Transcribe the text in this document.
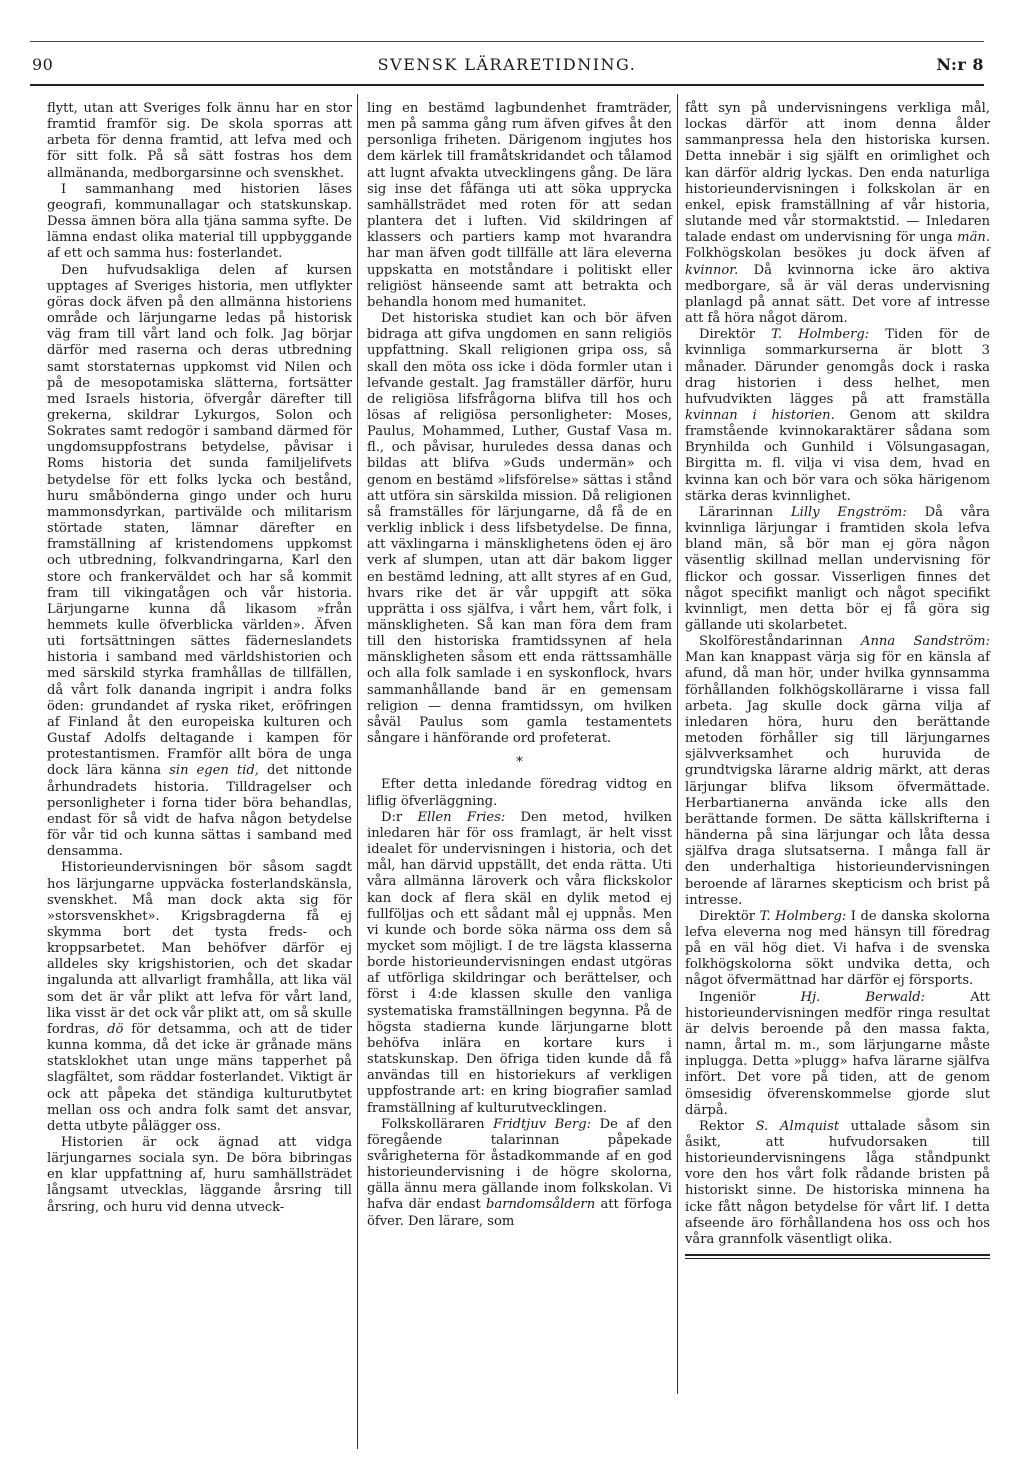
90	SVENSK LÄRARETIDNING.	N:r 8

flytt, utan att Sveriges folk ännu har en stor framtid framför sig. De skola sporras att arbeta för denna framtid, att lefva med och för sitt folk. På så sätt fostras hos dem allmänanda, medborgarsinne och svenskhet.

I sammanhang med historien läses geografi, kommunallagar och statskunskap. Dessa ämnen böra alla tjäna samma syfte. De lämna endast olika material till uppbyggande af ett och samma hus: fosterlandet.

Den hufvudsakliga delen af kursen upptages af Sveriges historia, men utflykter göras dock äfven på den allmänna historiens område och lärjungarne ledas på historisk väg fram till vårt land och folk. Jag börjar därför med raserna och deras utbredning samt storstaternas uppkomst vid Nilen och på de mesopotamiska slätterna, fortsätter med Israels historia, öfvergår därefter till grekerna, skildrar Lykurgos, Solon och Sokrates samt redogör i samband därmed för ungdomsuppfostrans betydelse, påvisar i Roms historia det sunda familjelifvets betydelse för ett folks lycka och bestånd, huru småbönderna gingo under och huru mammonsdyrkan, partivälde och militarism störtade staten, lämnar därefter en framställning af kristendomens uppkomst och utbredning, folkvandringarna, Karl den store och frankerväldet och har så kommit fram till vikingatågen och vår historia. Lärjungarne kunna då likasom »från hemmets kulle öfverblicka världen». Äfven uti fortsättningen sättes fäderneslandets historia i samband med världshistorien och med särskild styrka framhållas de tillfällen, då vårt folk dananda ingripit i andra folks öden: grundandet af ryska riket, eröfringen af Finland åt den europeiska kulturen och Gustaf Adolfs deltagande i kampen för protestantismen. Framför allt böra de unga dock lära känna sin egen tid, det nittonde århundradets historia. Tilldragelser och personligheter i forna tider böra behandlas, endast för så vidt de hafva någon betydelse för vår tid och kunna sättas i samband med densamma.

Historieundervisningen bör såsom sagdt hos lärjungarne uppväcka fosterlandskänsla, svenskhet. Må man dock akta sig för »storsvenskhet». Krigsbragderna få ej skymma bort det tysta freds- och kroppsarbetet. Man behöfver därför ej alldeles sky krigshistorien, och det skadar ingalunda att allvarligt framhålla, att lika väl som det är vår plikt att lefva för vårt land, lika visst är det ock vår plikt att, om så skulle fordras, dö för detsamma, och att de tider kunna komma, då det icke är grånade mäns statsklokhet utan unge mäns tapperhet på slagfältet, som räddar fosterlandet. Viktigt är ock att påpeka det ständiga kulturutbytet mellan oss och andra folk samt det ansvar, detta utbyte pålägger oss.

Historien är ock ägnad att vidga lärjungarnes sociala syn. De böra bibringas en klar uppfattning af, huru samhällsträdet långsamt utvecklas, läggande årsring till årsring, och huru vid denna utveck-

ling en bestämd lagbundenhet framträder, men på samma gång rum äfven gifves åt den personliga friheten. Därigenom ingjutes hos dem kärlek till framåtskridandet och tålamod att lugnt afvakta utvecklingens gång. De lära sig inse det fåfänga uti att söka upprycka samhällsträdet med roten för att sedan plantera det i luften. Vid skildringen af klassers och partiers kamp mot hvarandra har man äfven godt tillfälle att lära eleverna uppskatta en motståndare i politiskt eller religiöst hänseende samt att betrakta och behandla honom med humanitet.

Det historiska studiet kan och bör äfven bidraga att gifva ungdomen en sann religiös uppfattning. Skall religionen gripa oss, så skall den möta oss icke i döda formler utan i lefvande gestalt. Jag framställer därför, huru de religiösa lifsfrågorna blifva till hos och lösas af religiösa personligheter: Moses, Paulus, Mohammed, Luther, Gustaf Vasa m. fl., och påvisar, huruledes dessa danas och bildas att blifva »Guds undermän» och genom en bestämd »lifsförelse» sättas i stånd att utföra sin särskilda mission. Då religionen så framställes för lärjungarne, då få de en verklig inblick i dess lifsbetydelse. De finna, att växlingarna i mänsklighetens öden ej äro verk af slumpen, utan att där bakom ligger en bestämd ledning, att allt styres af en Gud, hvars rike det är vår uppgift att söka upprätta i oss själfva, i vårt hem, vårt folk, i mänskligheten. Så kan man föra dem fram till den historiska framtidssynen af hela mänskligheten såsom ett enda rättssamhälle och alla folk samlade i en syskonflock, hvars sammanhållande band är en gemensam religion — denna framtidssyn, om hvilken såväl Paulus som gamla testamentets sångare i hänförande ord profeterat.

*

Efter detta inledande föredrag vidtog en liflig öfverläggning.

D:r Ellen Fries: Den metod, hvilken inledaren här för oss framlagt, är helt visst idealet för undervisningen i historia, och det mål, han därvid uppställt, det enda rätta. Uti våra allmänna läroverk och våra flickskolor kan dock af flera skäl en dylik metod ej fullföljas och ett sådant mål ej uppnås. Men vi kunde och borde söka närma oss dem så mycket som möjligt. I de tre lägsta klasserna borde historieundervisningen endast utgöras af utförliga skildringar och berättelser, och först i 4:de klassen skulle den vanliga systematiska framställningen begynna. På de högsta stadierna kunde lärjungarne blott behöfva inlära en kortare kurs i statskunskap. Den öfriga tiden kunde då få användas till en historiekurs af verkligen uppfostrande art: en kring biografier samlad framställning af kulturutvecklingen.

Folkskolläraren Fridtjuv Berg: De af den föregående talarinnan påpekade svårigheterna för åstadkommande af en god historieundervisning i de högre skolorna, gälla ännu mera gällande inom folkskolan. Vi hafva där endast barndomsåldern att förfoga öfver. Den lärare, som

fått syn på undervisningens verkliga mål, lockas därför att inom denna ålder sammanpressa hela den historiska kursen. Detta innebär i sig själft en orimlighet och kan därför aldrig lyckas. Den enda naturliga historieundervisningen i folkskolan är en enkel, episk framställning af vår historia, slutande med vår stormaktstid. — Inledaren talade endast om undervisning för unga män. Folkhögskolan besökes ju dock äfven af kvinnor. Då kvinnorna icke äro aktiva medborgare, så är väl deras undervisning planlagd på annat sätt. Det vore af intresse att få höra något därom.

Direktör T. Holmberg: Tiden för de kvinnliga sommarkurserna är blott 3 månader. Därunder genomgås dock i raska drag historien i dess helhet, men hufvudvikten lägges på att framställa kvinnan i historien. Genom att skildra framstående kvinnokaraktärer sådana som Brynhilda och Gunhild i Völsungasagan, Birgitta m. fl. vilja vi visa dem, hvad en kvinna kan och bör vara och söka härigenom stärka deras kvinnlighet.

Lärarinnan Lilly Engström: Då våra kvinnliga lärjungar i framtiden skola lefva bland män, så bör man ej göra någon väsentlig skillnad mellan undervisning för flickor och gossar. Visserligen finnes det något specifikt manligt och något specifikt kvinnligt, men detta bör ej få göra sig gällande uti skolarbetet.

Skolföreståndarinnan Anna Sandström: Man kan knappast värja sig för en känsla af afund, då man hör, under hvilka gynnsamma förhållanden folkhögskollärarne i vissa fall arbeta. Jag skulle dock gärna vilja af inledaren höra, huru den berättande metoden förhåller sig till lärjungarnes självverksamhet och huruvida de grundtvigska lärarne aldrig märkt, att deras lärjungar blifva liksom öfvermättade. Herbartianerna använda icke alls den berättande formen. De sätta källskrifterna i händerna på sina lärjungar och låta dessa själfva draga slutsatserna. I många fall är den underhaltiga historieundervisningen beroende af lärarnes skepticism och brist på intresse.

Direktör T. Holmberg: I de danska skolorna lefva eleverna nog med hänsyn till föredrag på en väl hög diet. Vi hafva i de svenska folkhögskolorna sökt undvika detta, och något öfvermättnad har därför ej försports.

Ingeniör Hj. Berwald: Att historieundervisningen medför ringa resultat är delvis beroende på den massa fakta, namn, årtal m. m., som lärjungarne måste inplugga. Detta »plugg» hafva lärarne själfva infört. Det vore på tiden, att de genom ömsesidig öfverenskommelse gjorde slut därpå.

Rektor S. Almquist uttalade såsom sin åsikt, att hufvudorsaken till historieundervisningens låga ståndpunkt vore den hos vårt folk rådande bristen på historiskt sinne. De historiska minnena ha icke fått någon betydelse för vårt lif. I detta afseende äro förhållandena hos oss och hos våra grannfolk väsentligt olika.
